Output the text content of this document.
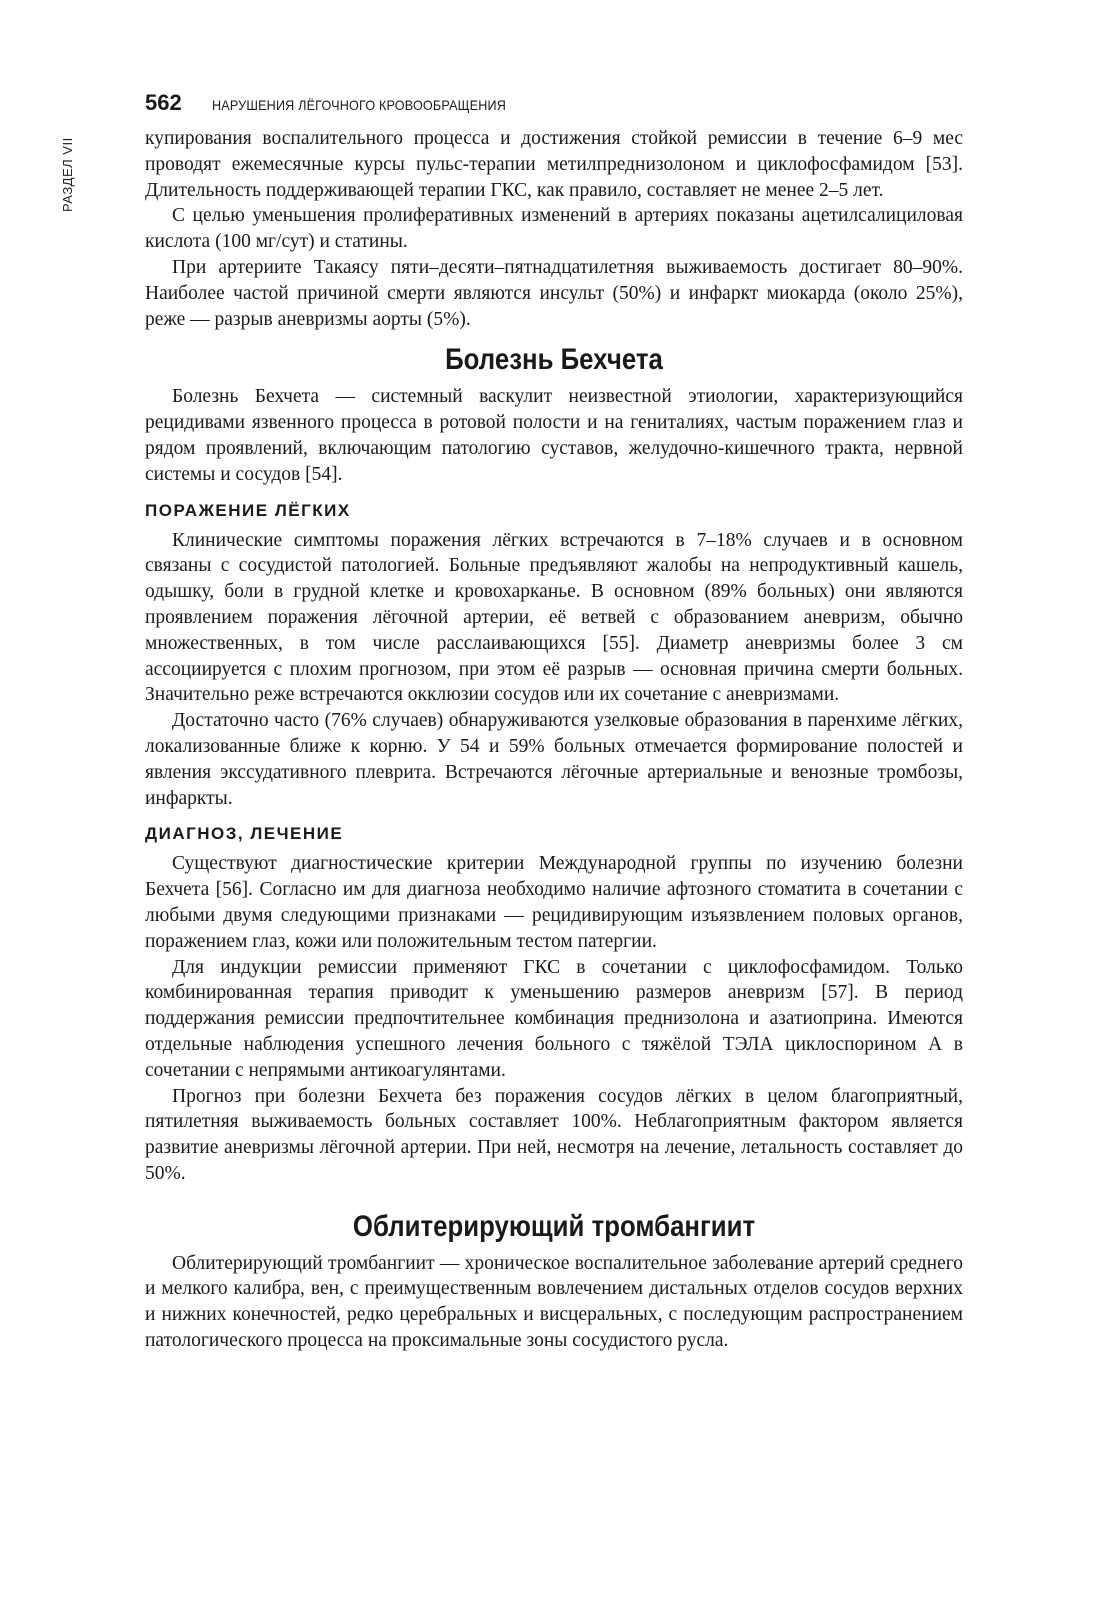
РАЗДЕЛ VII
562 НАРУШЕНИЯ ЛЁГОЧНОГО КРОВООБРАЩЕНИЯ

купирования воспалительного процесса и достижения стойкой ремиссии в течение 6–9 мес проводят ежемесячные курсы пульс-терапии метилпреднизолоном и циклофосфамидом [53]. Длительность поддерживающей терапии ГКС, как правило, составляет не менее 2–5 лет.

С целью уменьшения пролиферативных изменений в артериях показаны ацетилсалициловая кислота (100 мг/сут) и статины.

При артериите Такаясу пяти–десяти–пятнадцатилетняя выживаемость достигает 80–90%. Наиболее частой причиной смерти являются инсульт (50%) и инфаркт миокарда (около 25%), реже — разрыв аневризмы аорты (5%).

Болезнь Бехчета

Болезнь Бехчета — системный васкулит неизвестной этиологии, характеризующийся рецидивами язвенного процесса в ротовой полости и на гениталиях, частым поражением глаз и рядом проявлений, включающим патологию суставов, желудочно-кишечного тракта, нервной системы и сосудов [54].

ПОРАЖЕНИЕ ЛЁГКИХ

Клинические симптомы поражения лёгких встречаются в 7–18% случаев и в основном связаны с сосудистой патологией. Больные предъявляют жалобы на непродуктивный кашель, одышку, боли в грудной клетке и кровохарканье. В основном (89% больных) они являются проявлением поражения лёгочной артерии, её ветвей с образованием аневризм, обычно множественных, в том числе расслаивающихся [55]. Диаметр аневризмы более 3 см ассоциируется с плохим прогнозом, при этом её разрыв — основная причина смерти больных. Значительно реже встречаются окклюзии сосудов или их сочетание с аневризмами.

Достаточно часто (76% случаев) обнаруживаются узелковые образования в паренхиме лёгких, локализованные ближе к корню. У 54 и 59% больных отмечается формирование полостей и явления экссудативного плеврита. Встречаются лёгочные артериальные и венозные тромбозы, инфаркты.

ДИАГНОЗ, ЛЕЧЕНИЕ

Существуют диагностические критерии Международной группы по изучению болезни Бехчета [56]. Согласно им для диагноза необходимо наличие афтозного стоматита в сочетании с любыми двумя следующими признаками — рецидивирующим изъязвлением половых органов, поражением глаз, кожи или положительным тестом патергии.

Для индукции ремиссии применяют ГКС в сочетании с циклофосфамидом. Только комбинированная терапия приводит к уменьшению размеров аневризм [57]. В период поддержания ремиссии предпочтительнее комбинация преднизолона и азатиоприна. Имеются отдельные наблюдения успешного лечения больного с тяжёлой ТЭЛА циклоспорином А в сочетании с непрямыми антикоагулянтами.

Прогноз при болезни Бехчета без поражения сосудов лёгких в целом благоприятный, пятилетняя выживаемость больных составляет 100%. Неблагоприятным фактором является развитие аневризмы лёгочной артерии. При ней, несмотря на лечение, летальность составляет до 50%.

Облитерирующий тромбангиит

Облитерирующий тромбангиит — хроническое воспалительное заболевание артерий среднего и мелкого калибра, вен, с преимущественным вовлечением дистальных отделов сосудов верхних и нижних конечностей, редко церебральных и висцеральных, с последующим распространением патологического процесса на проксимальные зоны сосудистого русла.
